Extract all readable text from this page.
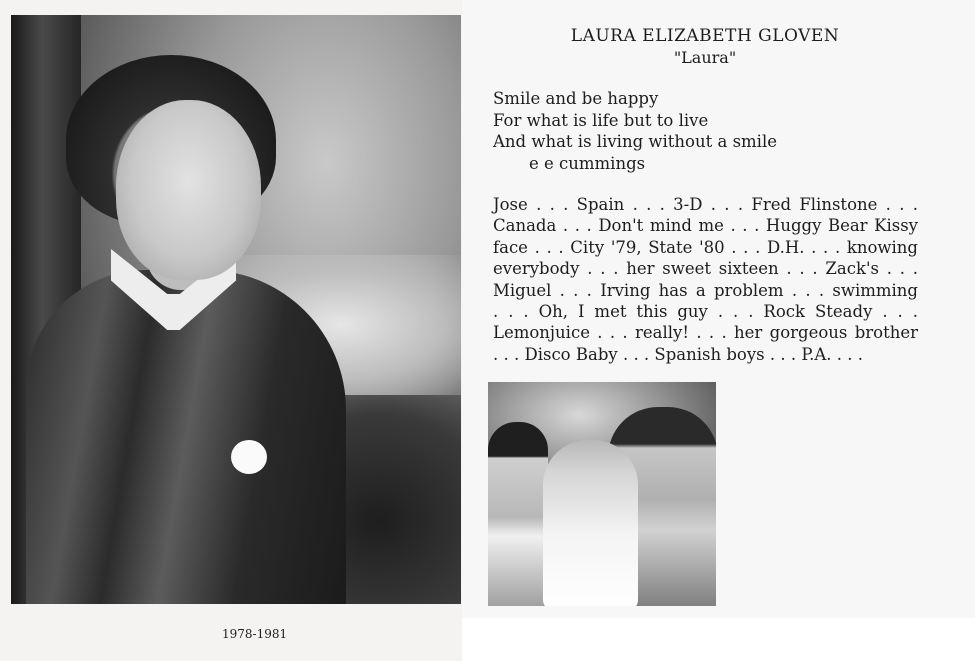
LAURA ELIZABETH GLOVEN
"Laura"
Smile and be happy
For what is life but to live
And what is living without a smile
e e cummings
Jose . . . Spain . . . 3-D . . . Fred Flinstone . . .
Canada . . . Don't mind me . . . Huggy Bear Kissy
face . . . City '79, State '80 . . . D.H. . . . knowing
everybody . . . her sweet sixteen . . . Zack's . . .
Miguel . . . Irving has a problem . . . swimming
. . . Oh, I met this guy . . . Rock Steady . . .
Lemonjuice . . . really! . . . her gorgeous brother
. . . Disco Baby . . . Spanish boys . . . P.A. . . .
1978-1981
